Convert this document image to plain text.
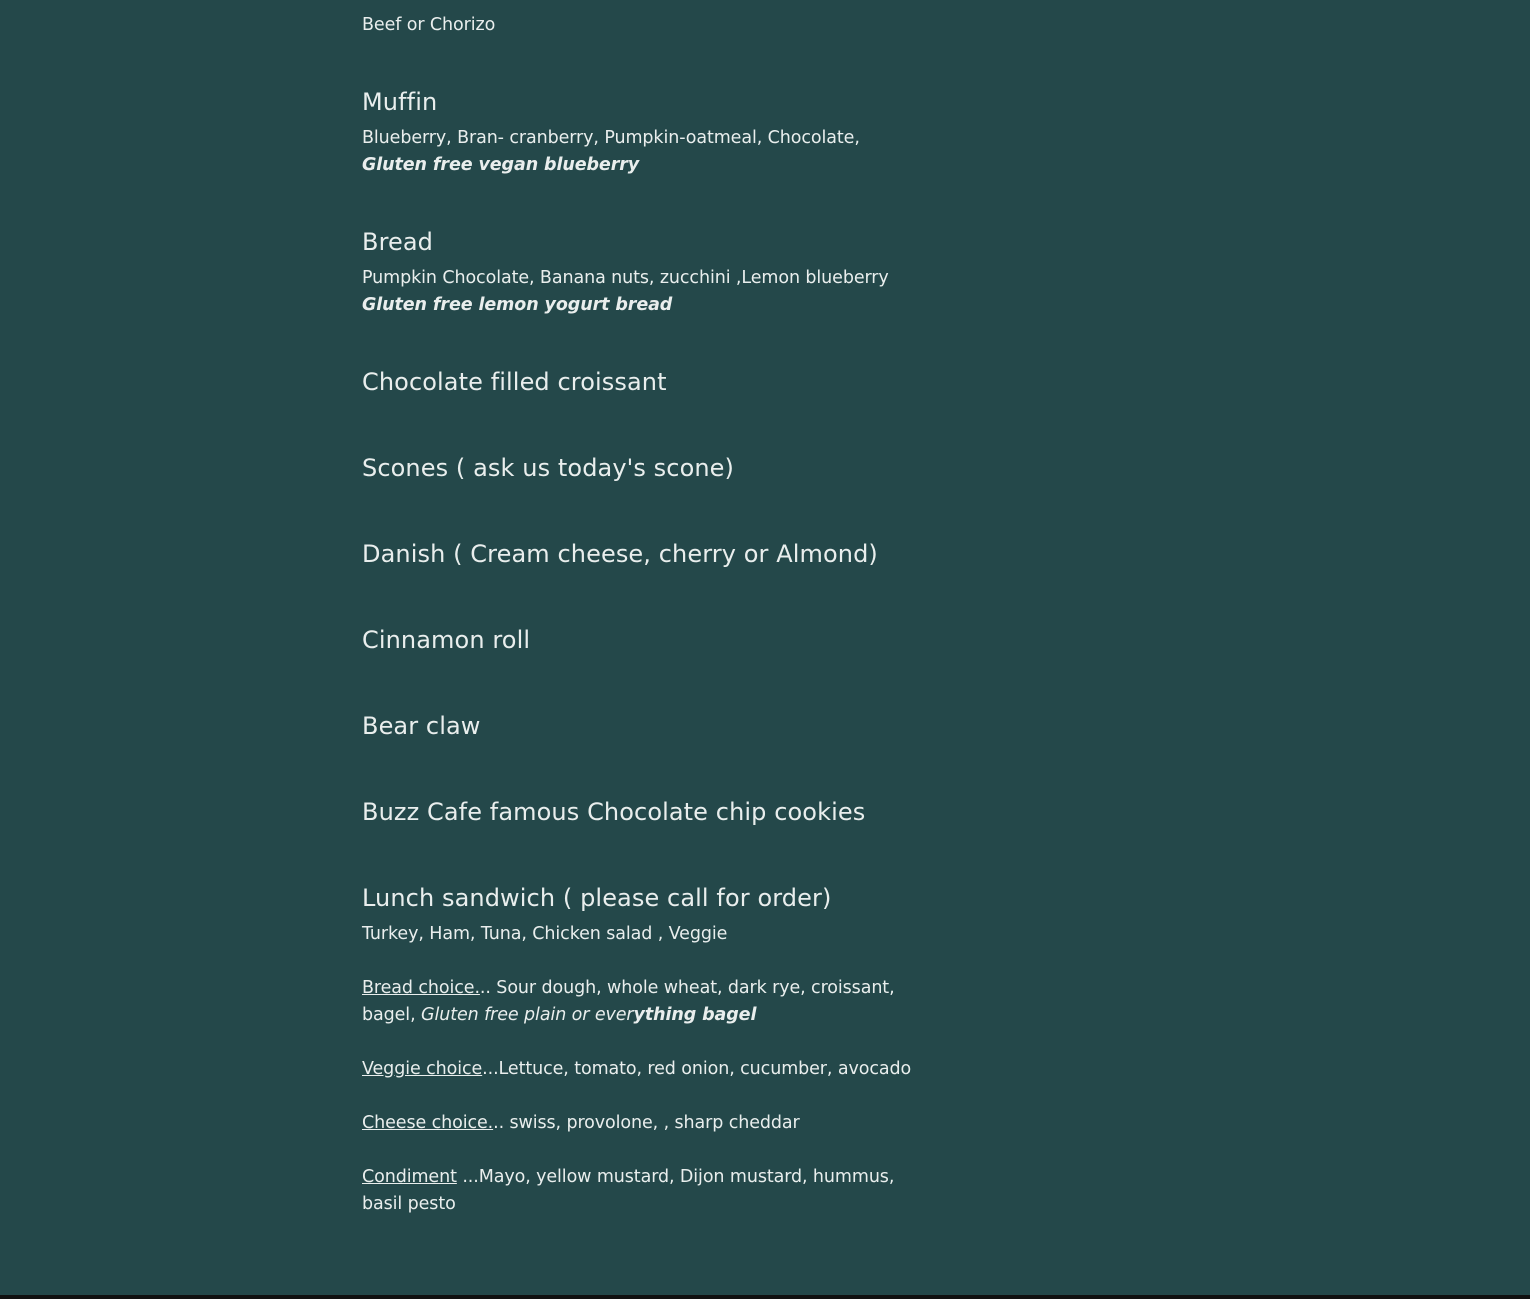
Beef or Chorizo

Muffin

Blueberry, Bran- cranberry, Pumpkin-oatmeal, Chocolate,
Gluten free vegan blueberry

Bread

Pumpkin Chocolate, Banana nuts, zucchini ,Lemon blueberry
Gluten free lemon yogurt bread

Chocolate filled croissant
Scones ( ask us today's scone)
Danish ( Cream cheese, cherry or Almond)
Cinnamon roll
Bear claw
Buzz Cafe famous Chocolate chip cookies
Lunch sandwich ( please call for order)

Turkey, Ham, Tuna, Chicken salad , Veggie

Bread choice... Sour dough, whole wheat, dark rye, croissant,
bagel, Gluten free plain or everything bagel

Veggie choice...Lettuce, tomato, red onion, cucumber, avocado

Cheese choice... swiss, provolone, , sharp cheddar

Condiment ...Mayo, yellow mustard, Dijon mustard, hummus,
basil pesto
